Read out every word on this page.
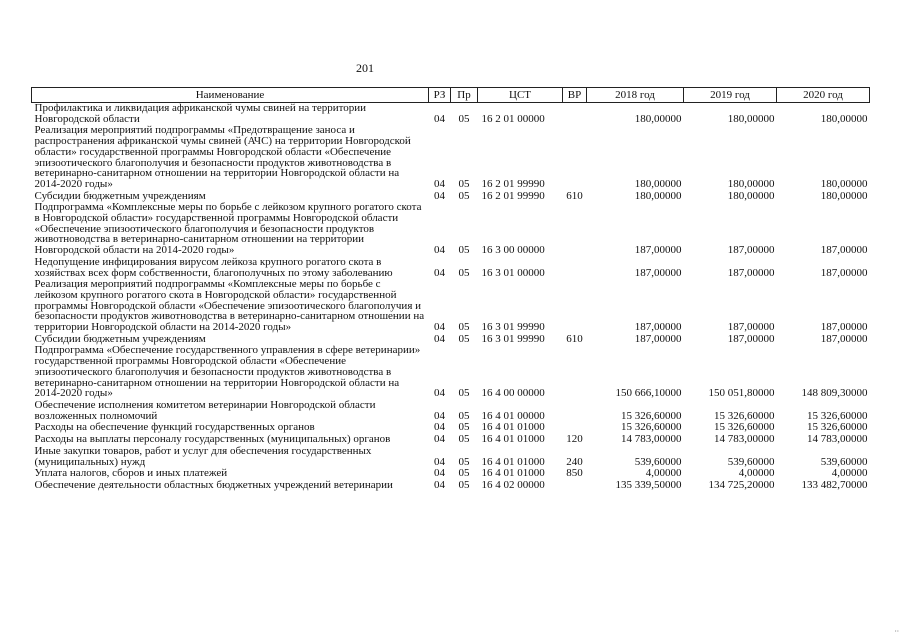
201
Наименование	РЗ	Пр	ЦСТ	ВР	2018 год	2019 год	2020 год
Профилактика и ликвидация африканской чумы свиней на территории Новгородской области	04	05	16 2 01 00000		180,00000	180,00000	180,00000
Реализация мероприятий подпрограммы «Предотвращение заноса и распространения африканской чумы свиней (АЧС) на территории Новгородской области» государственной программы Новгородской области «Обеспечение эпизоотического благополучия и безопасности продуктов животноводства в ветеринарно-санитарном отношении на территории Новгородской области на 2014-2020 годы»	04	05	16 2 01 99990		180,00000	180,00000	180,00000
Субсидии бюджетным учреждениям	04	05	16 2 01 99990	610	180,00000	180,00000	180,00000
Подпрограмма «Комплексные меры по борьбе с лейкозом крупного рогатого скота в Новгородской области» государственной программы Новгородской области «Обеспечение эпизоотического благополучия и безопасности продуктов животноводства в ветеринарно-санитарном отношении на территории Новгородской области на 2014-2020 годы»	04	05	16 3 00 00000		187,00000	187,00000	187,00000
Недопущение инфицирования вирусом лейкоза крупного рогатого скота в хозяйствах всех форм собственности, благополучных по этому заболеванию	04	05	16 3 01 00000		187,00000	187,00000	187,00000
Реализация мероприятий подпрограммы «Комплексные меры по борьбе с лейкозом крупного рогатого скота в Новгородской области» государственной программы Новгородской области «Обеспечение эпизоотического благополучия и безопасности продуктов животноводства в ветеринарно-санитарном отношении на территории Новгородской области на 2014-2020 годы»	04	05	16 3 01 99990		187,00000	187,00000	187,00000
Субсидии бюджетным учреждениям	04	05	16 3 01 99990	610	187,00000	187,00000	187,00000
Подпрограмма «Обеспечение государственного управления в сфере ветеринарии» государственной программы Новгородской области «Обеспечение эпизоотического благополучия и безопасности продуктов животноводства в ветеринарно-санитарном отношении на территории Новгородской области на 2014-2020 годы»	04	05	16 4 00 00000		150 666,10000	150 051,80000	148 809,30000
Обеспечение исполнения комитетом ветеринарии Новгородской области возложенных полномочий	04	05	16 4 01 00000		15 326,60000	15 326,60000	15 326,60000
Расходы на обеспечение функций государственных органов	04	05	16 4 01 01000		15 326,60000	15 326,60000	15 326,60000
Расходы на выплаты персоналу государственных (муниципальных) органов	04	05	16 4 01 01000	120	14 783,00000	14 783,00000	14 783,00000
Иные закупки товаров, работ и услуг для обеспечения государственных (муниципальных) нужд	04	05	16 4 01 01000	240	539,60000	539,60000	539,60000
Уплата налогов, сборов и иных платежей	04	05	16 4 01 01000	850	4,00000	4,00000	4,00000
Обеспечение деятельности областных бюджетных учреждений ветеринарии	04	05	16 4 02 00000		135 339,50000	134 725,20000	133 482,70000
∙∙
